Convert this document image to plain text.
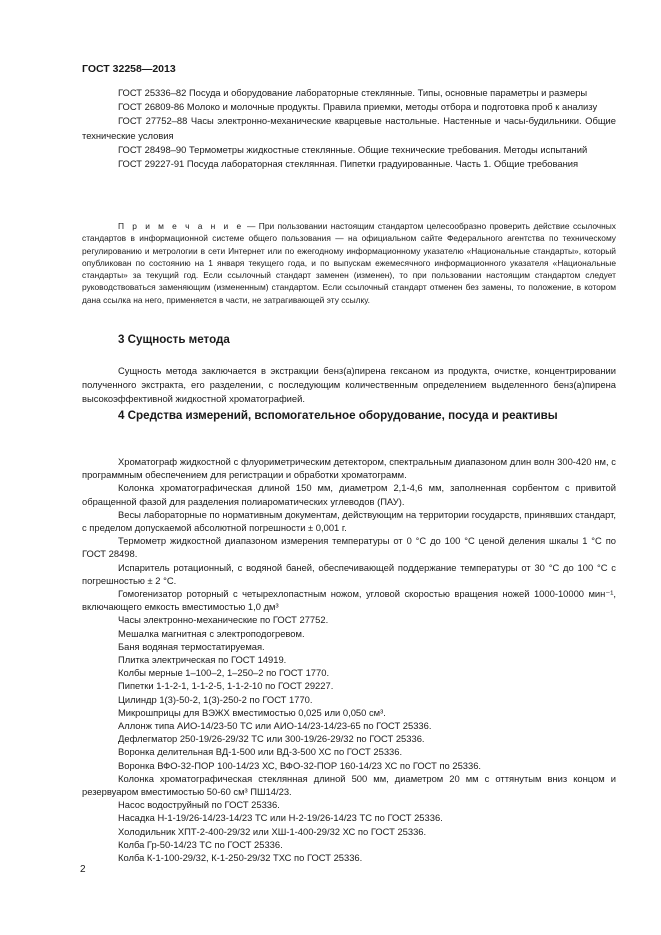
ГОСТ 32258—2013

ГОСТ 25336–82 Посуда и оборудование лабораторные стеклянные. Типы, основные параметры и размеры

ГОСТ 26809-86 Молоко и молочные продукты. Правила приемки, методы отбора и подготовка проб к анализу

ГОСТ 27752–88 Часы электронно-механические кварцевые настольные. Настенные и часы-будильники. Общие технические условия

ГОСТ 28498–90 Термометры жидкостные стеклянные. Общие технические требования. Методы испытаний

ГОСТ 29227-91 Посуда лабораторная стеклянная. Пипетки градуированные. Часть 1. Общие требования

П р и м е ч а н и е — При пользовании настоящим стандартом целесообразно проверить действие ссылочных стандартов в информационной системе общего пользования — на официальном сайте Федерального агентства по техническому регулированию и метрологии в сети Интернет или по ежегодному информационному указателю «Национальные стандарты», который опубликован по состоянию на 1 января текущего года, и по выпускам ежемесячного информационного указателя «Национальные стандарты» за текущий год. Если ссылочный стандарт заменен (изменен), то при пользовании настоящим стандартом следует руководствоваться заменяющим (измененным) стандартом. Если ссылочный стандарт отменен без замены, то положение, в котором дана ссылка на него, применяется в части, не затрагивающей эту ссылку.
3 Сущность метода

Сущность метода заключается в экстракции бенз(а)пирена гексаном из продукта, очистке, концентрировании полученного экстракта, его разделении, с последующим количественным определением выделенного бенз(а)пирена высокоэффективной жидкостной хроматографией.

4 Средства измерений, вспомогательное оборудование, посуда и реактивы

Хроматограф жидкостной с флуориметрическим детектором, спектральным диапазоном длин волн 300-420 нм, с программным обеспечением для регистрации и обработки хроматограмм.

Колонка хроматографическая длиной 150 мм, диаметром 2,1-4,6 мм, заполненная сорбентом с привитой обращенной фазой для разделения полиароматических углеводов (ПАУ).

Весы лабораторные по нормативным документам, действующим на территории государств, принявших стандарт, с пределом допускаемой абсолютной погрешности ± 0,001 г.

Термометр жидкостной диапазоном измерения температуры от 0 °С до 100 °С ценой деления шкалы 1 °С по ГОСТ 28498.

Испаритель ротационный, с водяной баней, обеспечивающей поддержание температуры от 30 °С до 100 °С с погрешностью ± 2 °С.

Гомогенизатор роторный с четырехлопастным ножом, угловой скоростью вращения ножей 1000-10000 мин⁻¹, включающего емкость вместимостью 1,0 дм³

Часы электронно-механические по ГОСТ 27752.

Мешалка магнитная с электроподогревом.

Баня водяная термостатируемая.

Плитка электрическая по ГОСТ 14919.

Колбы мерные 1–100–2, 1–250–2 по ГОСТ 1770.

Пипетки 1-1-2-1, 1-1-2-5, 1-1-2-10 по ГОСТ 29227.

Цилиндр 1(3)-50-2, 1(3)-250-2 по ГОСТ 1770.

Микрошприцы для ВЭЖХ вместимостью 0,025 или 0,050 см³.

Аллонж типа АИО-14/23-50 ТС или АИО-14/23-14/23-65 по ГОСТ 25336.

Дефлегматор 250-19/26-29/32 ТС или 300-19/26-29/32 по ГОСТ 25336.

Воронка делительная ВД-1-500 или ВД-3-500 ХС по ГОСТ 25336.

Воронка ВФО-32-ПОР 100-14/23 ХС, ВФО-32-ПОР 160-14/23 ХС по ГОСТ по 25336.

Колонка хроматографическая стеклянная длиной 500 мм, диаметром 20 мм с оттянутым вниз концом и резервуаром вместимостью 50-60 см³ ПШ14/23.

Насос водоструйный по ГОСТ 25336.

Насадка Н-1-19/26-14/23-14/23 ТС или Н-2-19/26-14/23 ТС по ГОСТ 25336.

Холодильник ХПТ-2-400-29/32 или ХШ-1-400-29/32 ХС по ГОСТ 25336.

Колба Гр-50-14/23 ТС по ГОСТ 25336.

Колба К-1-100-29/32, К-1-250-29/32 ТХС по ГОСТ 25336.

2
